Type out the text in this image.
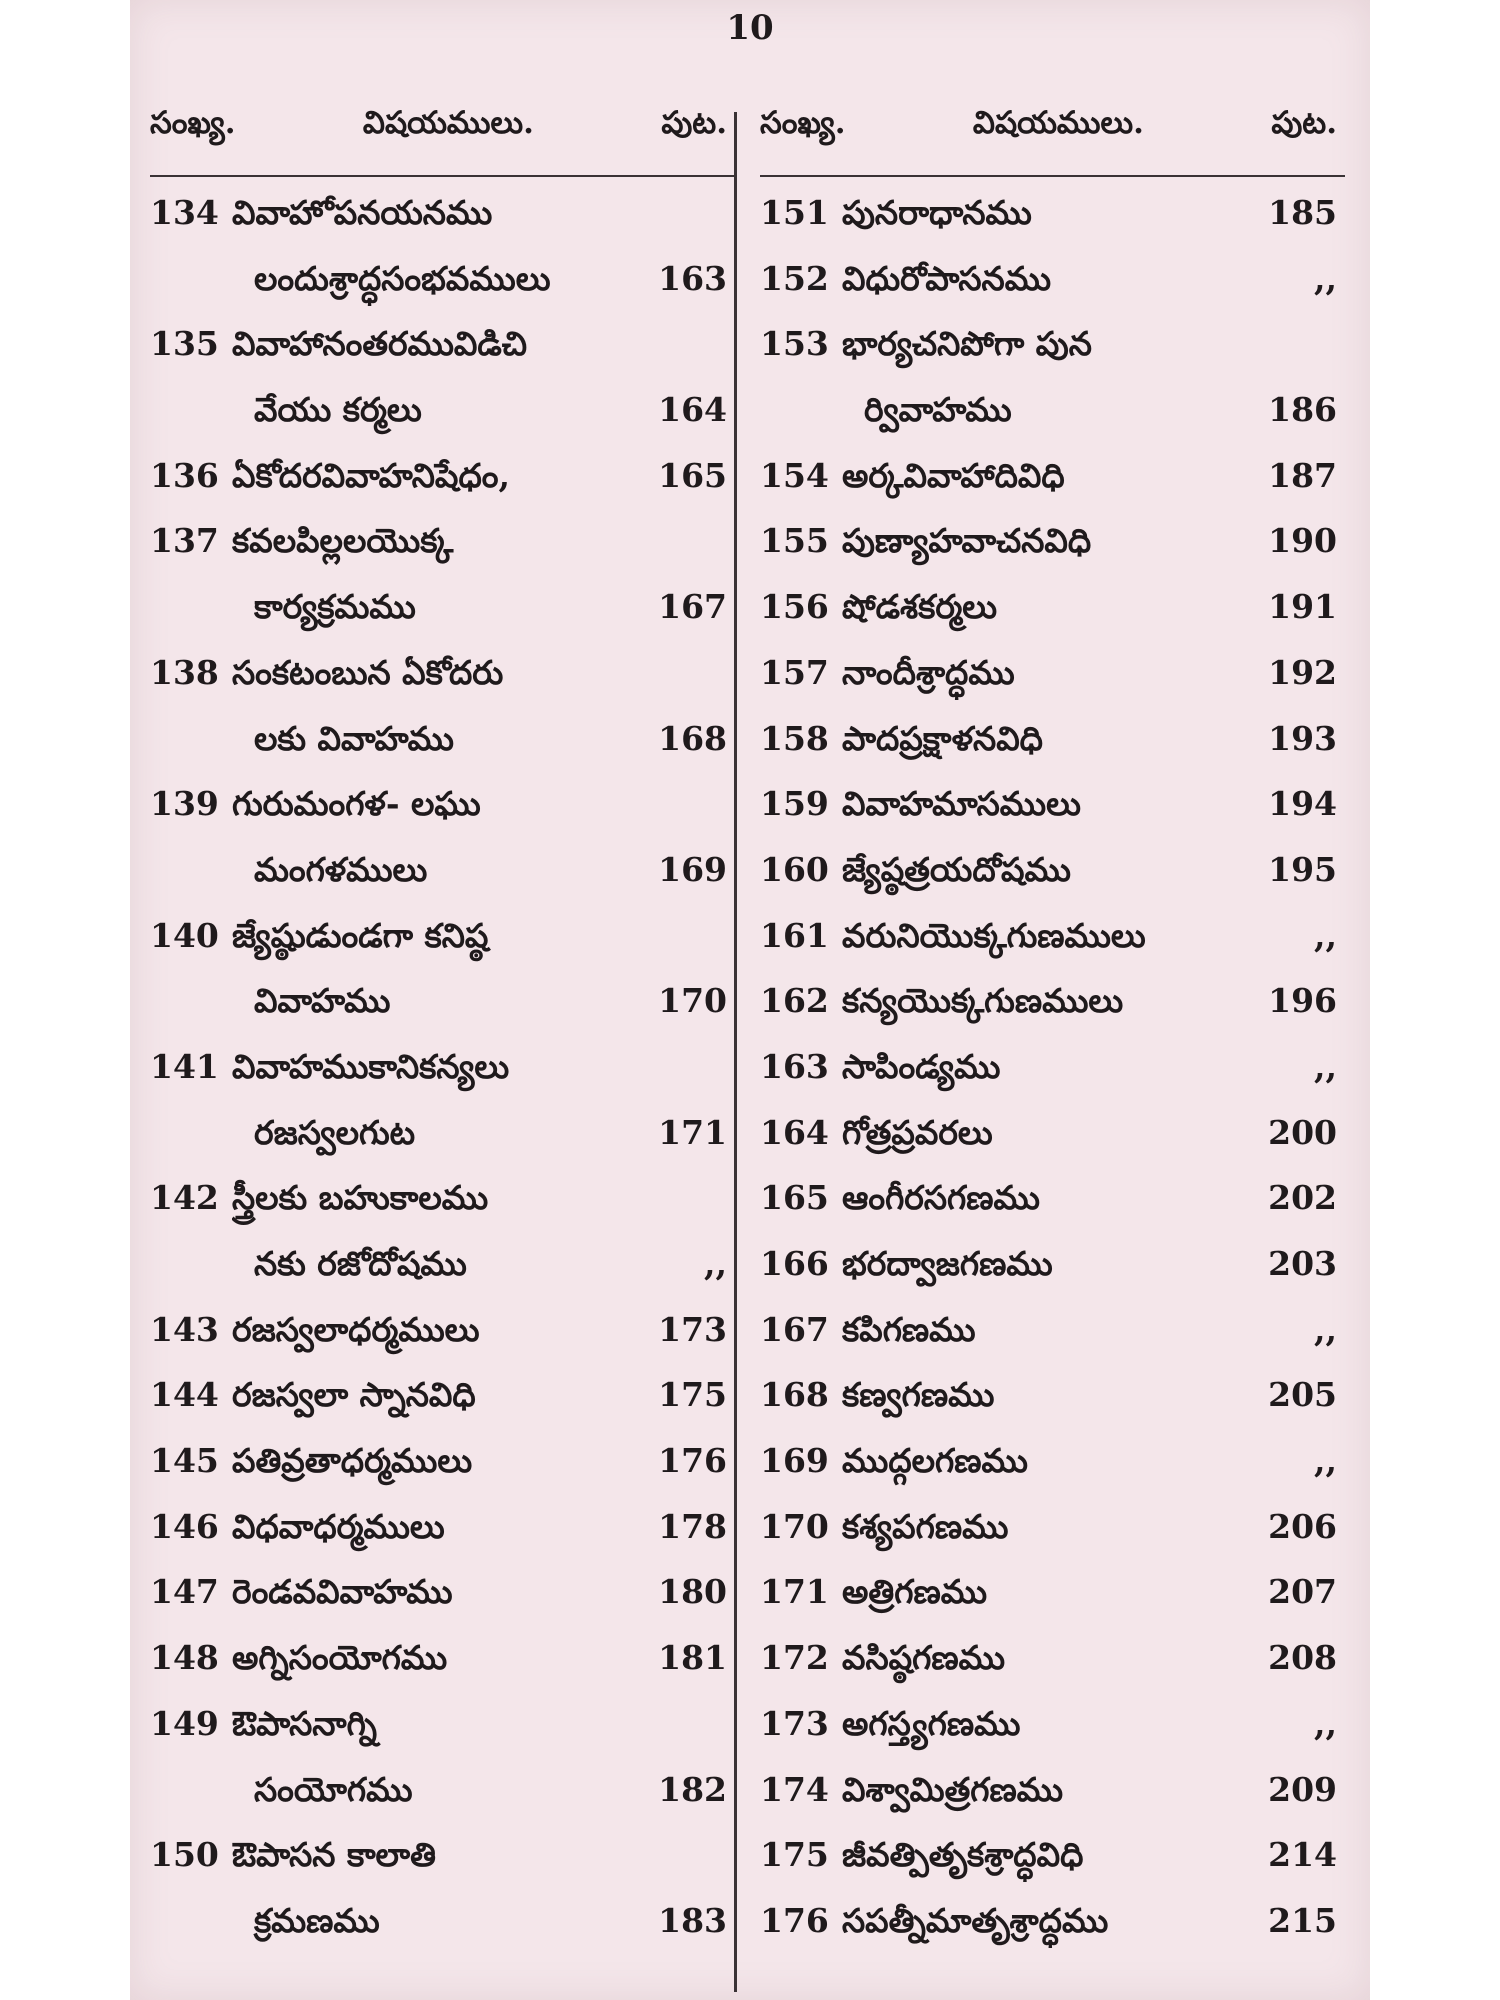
10
సంఖ్య.	విషయములు.	పుట.
134 వివాహోపనయనము
లందుశ్రాద్ధసంభవములు	163
135 వివాహానంతరమువిడిచి
వేయు కర్మలు	164
136 ఏకోదరవివాహనిషేధం,	165
137 కవలపిల్లలయొక్క
కార్యక్రమము	167
138 సంకటంబున ఏకోదరు
లకు వివాహము	168
139 గురుమంగళ- లఘు
మంగళములు	169
140 జ్యేష్ఠుడుండగా కనిష్ఠ
వివాహము	170
141 వివాహముకానికన్యలు
రజస్వలగుట	171
142 స్త్రీలకు బహుకాలము
నకు రజోదోషము	,,
143 రజస్వలాధర్మములు	173
144 రజస్వలా స్నానవిధి	175
145 పతివ్రతాధర్మములు	176
146 విధవాధర్మములు	178
147 రెండవవివాహము	180
148 అగ్నిసంయోగము	181
149 ఔపాసనాగ్ని
సంయోగము	182
150 ఔపాసన కాలాతి
క్రమణము	183
సంఖ్య.	విషయములు.	పుట.
151 పునరాధానము	185
152 విధురోపాసనము	,,
153 భార్యచనిపోగా పున
ర్వివాహము	186
154 అర్కవివాహాదివిధి	187
155 పుణ్యాహవాచనవిధి	190
156 షోడశకర్మలు	191
157 నాందీశ్రాద్ధము	192
158 పాదప్రక్షాళనవిధి	193
159 వివాహమాసములు	194
160 జ్యేష్ఠత్రయదోషము	195
161 వరునియొక్కగుణములు	,,
162 కన్యయొక్కగుణములు	196
163 సాపిండ్యము	,,
164 గోత్రప్రవరలు	200
165 ఆంగీరసగణము	202
166 భరద్వాజగణము	203
167 కపిగణము	,,
168 కణ్వగణము	205
169 ముద్గలగణము	,,
170 కశ్యపగణము	206
171 అత్రిగణము	207
172 వసిష్ఠగణము	208
173 అగస్త్యగణము	,,
174 విశ్వామిత్రగణము	209
175 జీవత్పితృకశ్రాద్ధవిధి	214
176 సపత్నీమాతృశ్రాద్ధము	215
